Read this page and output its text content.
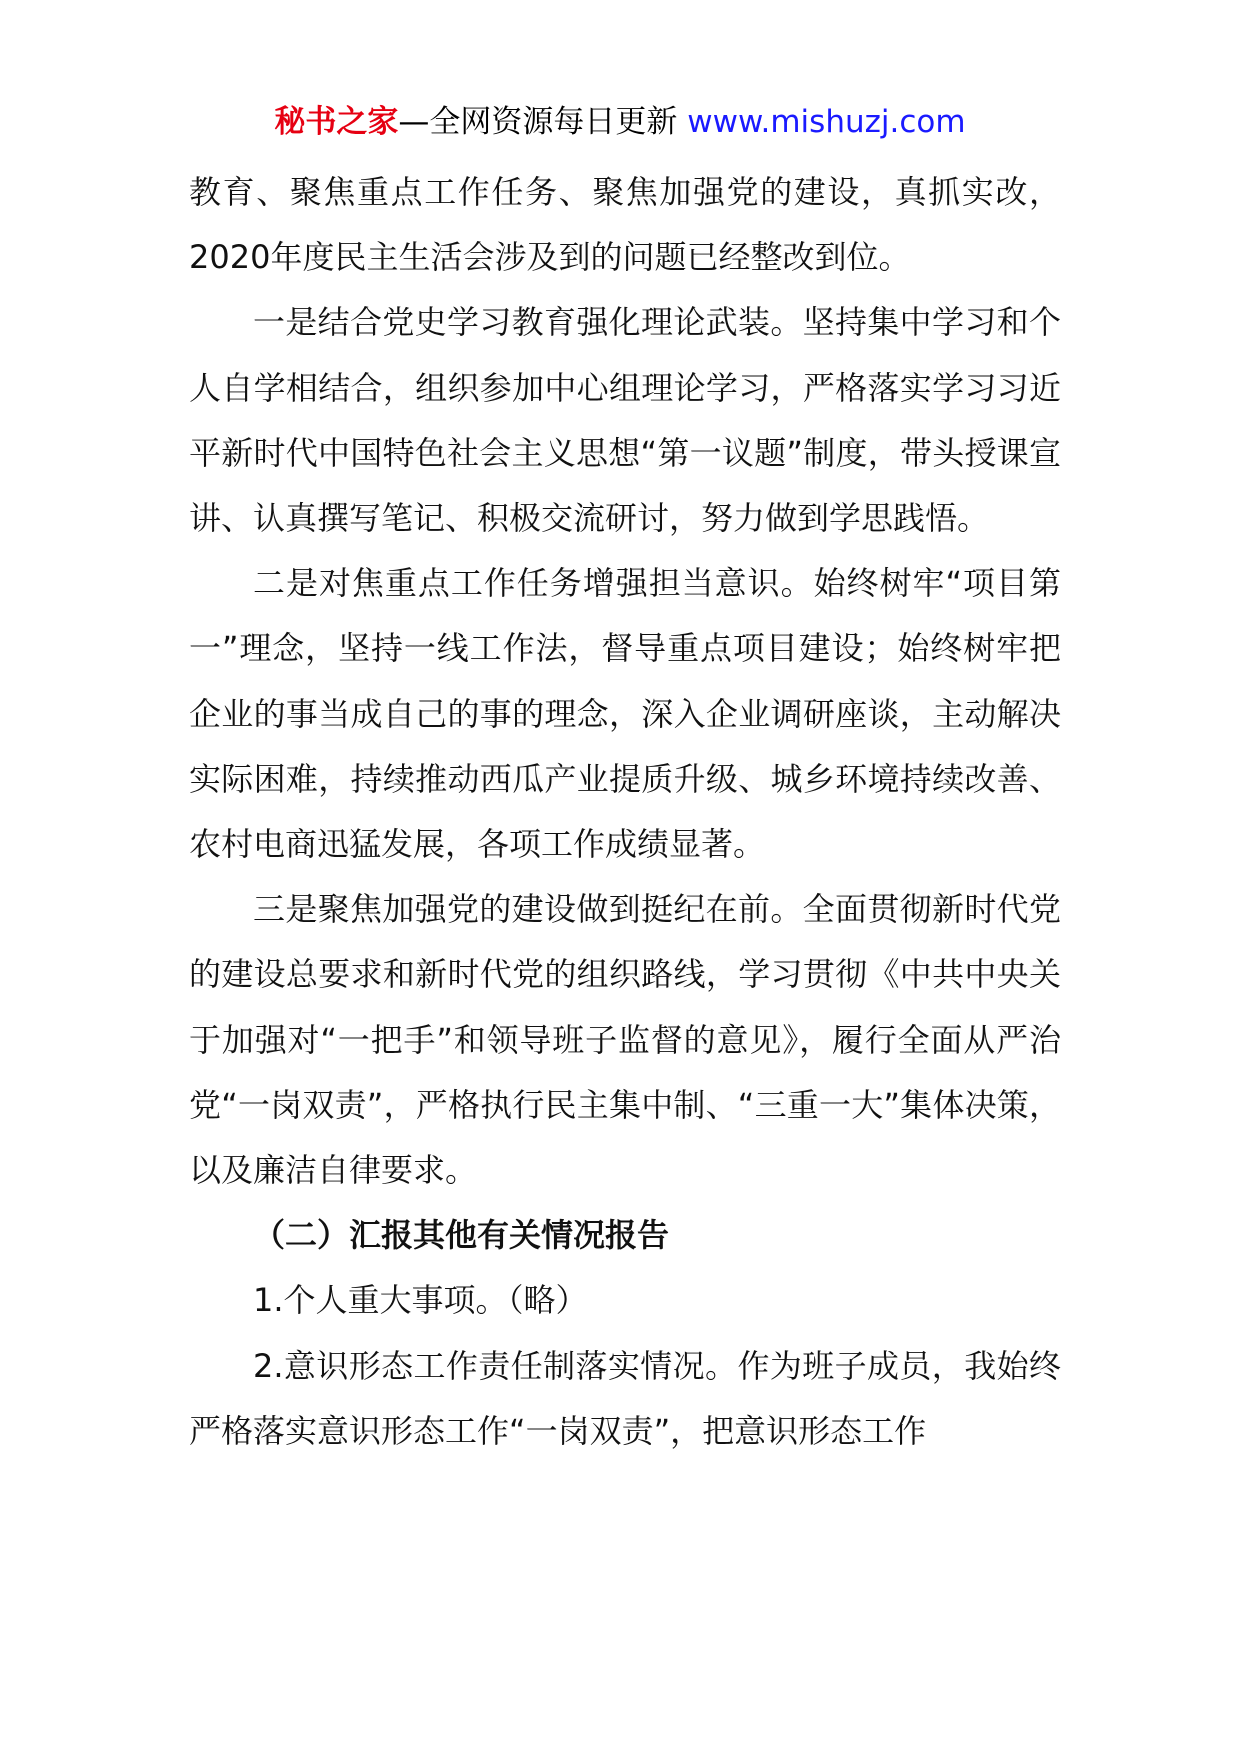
秘书之家—全网资源每日更新 www.mishuzj.com

教育、聚焦重点工作任务、聚焦加强党的建设，真抓实改，2020年度民主生活会涉及到的问题已经整改到位。

一是结合党史学习教育强化理论武装。坚持集中学习和个人自学相结合，组织参加中心组理论学习，严格落实学习习近平新时代中国特色社会主义思想“第一议题”制度，带头授课宣讲、认真撰写笔记、积极交流研讨，努力做到学思践悟。

二是对焦重点工作任务增强担当意识。始终树牢“项目第一”理念，坚持一线工作法，督导重点项目建设；始终树牢把企业的事当成自己的事的理念，深入企业调研座谈，主动解决实际困难，持续推动西瓜产业提质升级、城乡环境持续改善、农村电商迅猛发展，各项工作成绩显著。

三是聚焦加强党的建设做到挺纪在前。全面贯彻新时代党的建设总要求和新时代党的组织路线，学习贯彻《中共中央关于加强对“一把手”和领导班子监督的意见》，履行全面从严治党“一岗双责”，严格执行民主集中制、“三重一大”集体决策，以及廉洁自律要求。

（二）汇报其他有关情况报告

1.个人重大事项。（略）

2.意识形态工作责任制落实情况。作为班子成员，我始终严格落实意识形态工作“一岗双责”，把意识形态工作
